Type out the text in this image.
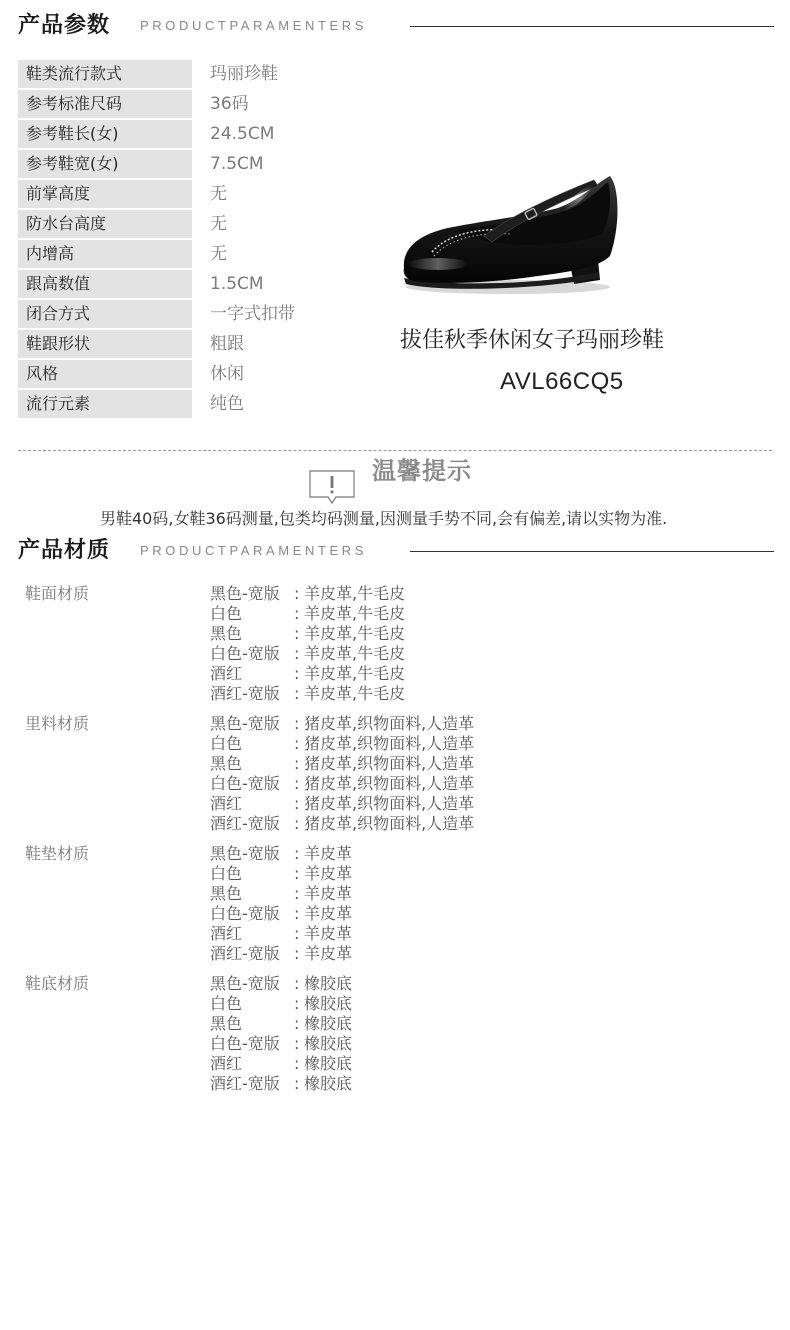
产品参数 PRODUCTPARAMENTERS
鞋类流行款式	玛丽珍鞋
参考标准尺码	36码
参考鞋长(女)	24.5CM
参考鞋宽(女)	7.5CM
前掌高度	无
防水台高度	无
内增高	无
跟高数值	1.5CM
闭合方式	一字式扣带
鞋跟形状	粗跟
风格	休闲
流行元素	纯色
拔佳秋季休闲女子玛丽珍鞋
AVL66CQ5
温馨提示
男鞋40码,女鞋36码测量,包类均码测量,因测量手势不同,会有偏差,请以实物为准.
产品材质 PRODUCTPARAMENTERS
鞋面材质	黑色-宽版 : 羊皮革,牛毛皮
白色	: 羊皮革,牛毛皮
黑色	: 羊皮革,牛毛皮
白色-宽版 : 羊皮革,牛毛皮
酒红	: 羊皮革,牛毛皮
酒红-宽版 : 羊皮革,牛毛皮
里料材质	黑色-宽版 : 猪皮革,织物面料,人造革
白色	: 猪皮革,织物面料,人造革
黑色	: 猪皮革,织物面料,人造革
白色-宽版 : 猪皮革,织物面料,人造革
酒红	: 猪皮革,织物面料,人造革
酒红-宽版 : 猪皮革,织物面料,人造革
鞋垫材质	黑色-宽版 : 羊皮革
白色	: 羊皮革
黑色	: 羊皮革
白色-宽版 : 羊皮革
酒红	: 羊皮革
酒红-宽版 : 羊皮革
鞋底材质	黑色-宽版 : 橡胶底
白色	: 橡胶底
黑色	: 橡胶底
白色-宽版 : 橡胶底
酒红	: 橡胶底
酒红-宽版 : 橡胶底
